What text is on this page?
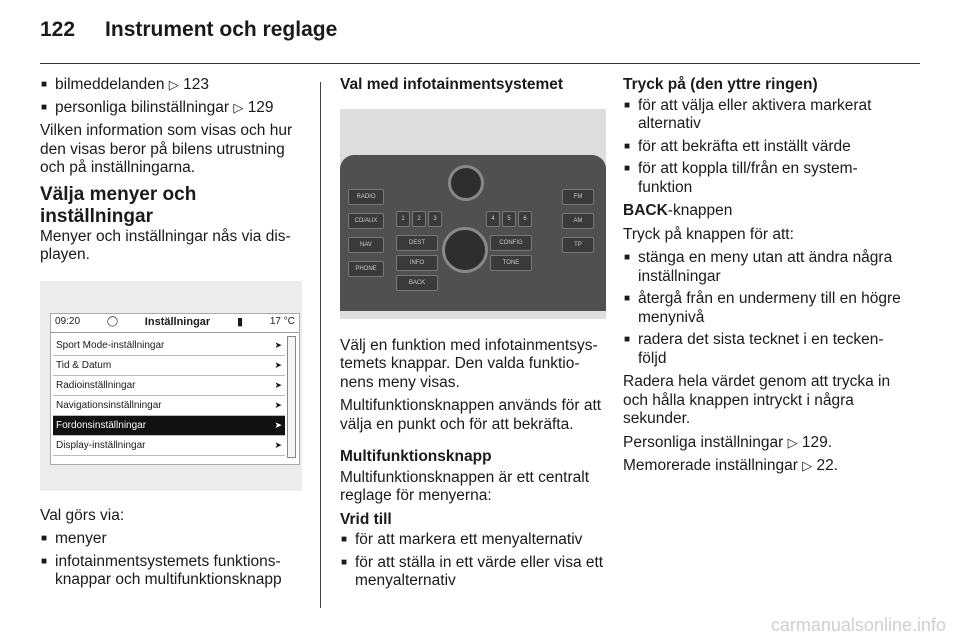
122 Instrument och reglage
■ bilmeddelanden ▷ 123
■ personliga bilinställningar ▷ 129

Vilken information som visas och hur den visas beror på bilens utrustning och på inställningarna.

Välja menyer och inställningar

Menyer och inställningar nås via dis-playen.

09:20	◯ Inställningar ▮	17 °C
Sport Mode-inställningar	➤
Tid & Datum	➤
Radioinställningar	➤
Navigationsinställningar	➤
Fordonsinställningar	➤
Display-inställningar	➤

Val görs via:

■ menyer
■ infotainmentsystemets funktions-knappar och multifunktionsknapp
Val med infotainmentsystemet
RADIO
CD/AUX
NAV
PHONE
1	2	3	4	5	6
DEST	CONFIG
INFO	TONE
BACK
FM
AM
TP

Välj en funktion med infotainmentsys-temets knappar. Den valda funktio-nens meny visas.

Multifunktionsknappen används för att välja en punkt och för att bekräfta.

Multifunktionsknapp

Multifunktionsknappen är ett centralt reglage för menyerna:

Vrid till
■ för att markera ett menyalternativ
■ för att ställa in ett värde eller visa ett menyalternativ
Tryck på (den yttre ringen)
■ för att välja eller aktivera markerat alternativ
■ för att bekräfta ett inställt värde
■ för att koppla till/från en system-funktion

BACK-knappen

Tryck på knappen för att:

■ stänga en meny utan att ändra några inställningar
■ återgå från en undermeny till en högre menynivå
■ radera det sista tecknet i en tecken-följd

Radera hela värdet genom att trycka in och hålla knappen intryckt i några sekunder.

Personliga inställningar ▷ 129.

Memorerade inställningar ▷ 22.

carmanualsonline.info
